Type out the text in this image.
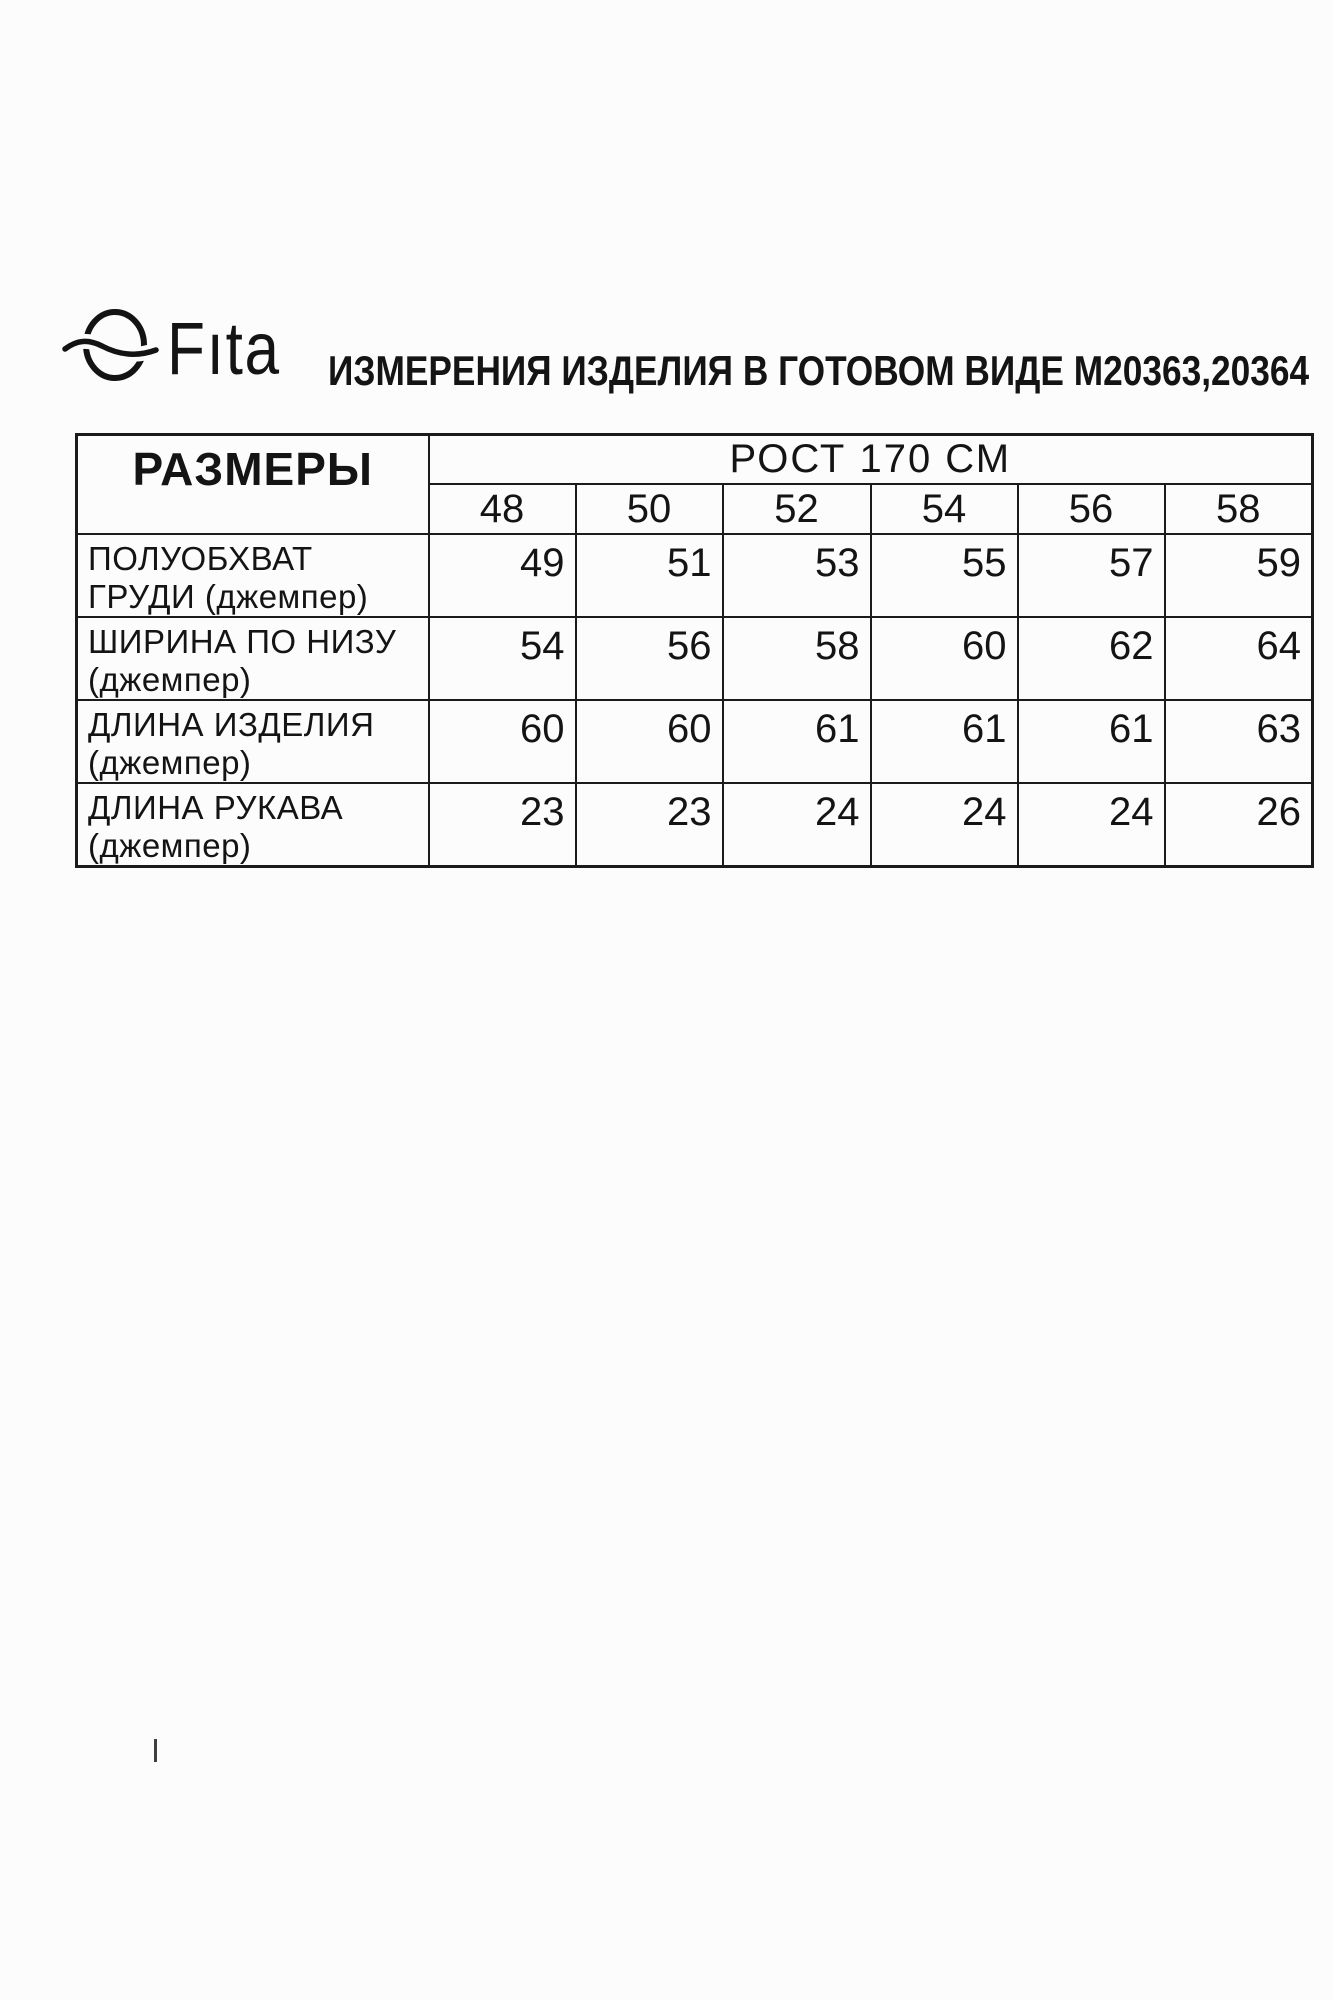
Fıta ИЗМЕРЕНИЯ ИЗДЕЛИЯ В ГОТОВОМ ВИДЕ М20363,20364
РАЗМЕРЫ	РОСТ 170 СМ					
	48	50	52	54	56	58

ПОЛУОБХВАТ
ГРУДИ (джемпер)	49	51	53	55	57	59

ШИРИНА ПО НИЗУ
(джемпер)	54	56	58	60	62	64

ДЛИНА ИЗДЕЛИЯ
(джемпер)	60	60	61	61	61	63

ДЛИНА РУКАВА
(джемпер)	23	23	24	24	24	26
